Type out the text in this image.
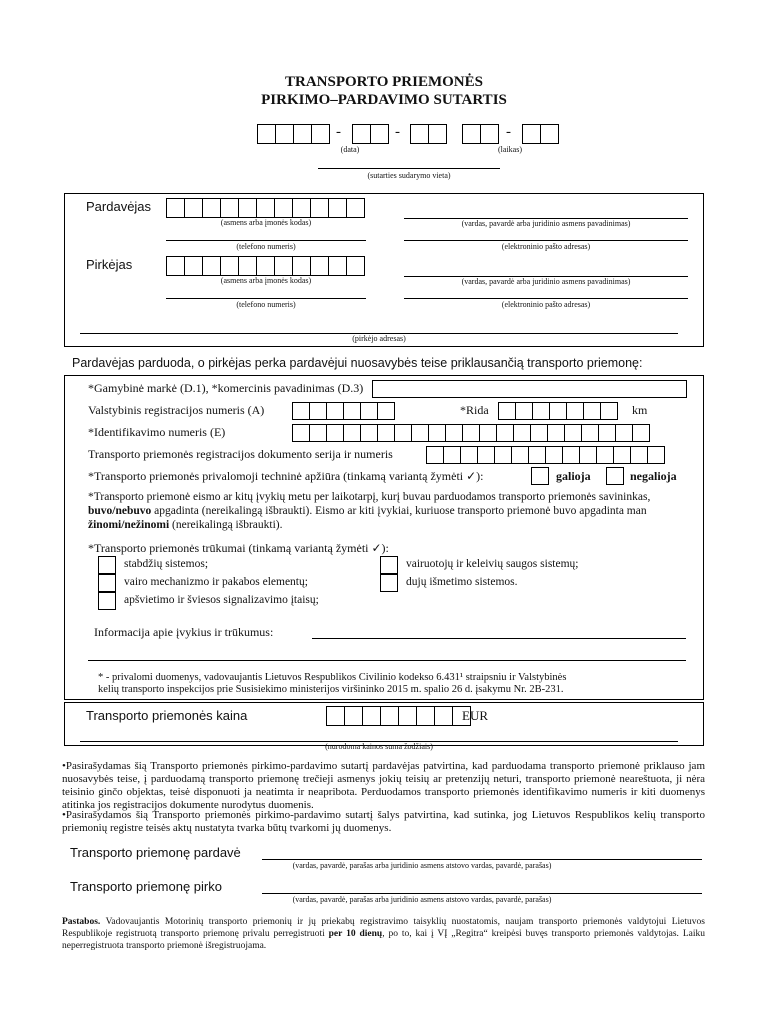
TRANSPORTO PRIEMONĖS
PIRKIMO–PARDAVIMO SUTARTIS
-	-	-
(data)	(laikas)
(sutarties sudarymo vieta)
Pardavėjas
(asmens arba įmonės kodas)	(vardas, pavardė arba juridinio asmens pavadinimas)
(telefono numeris)	(elektroninio pašto adresas)
Pirkėjas
(asmens arba įmonės kodas)	(vardas, pavardė arba juridinio asmens pavadinimas)
(telefono numeris)	(elektroninio pašto adresas)
(pirkėjo adresas)
Pardavėjas parduoda, o pirkėjas perka pardavėjui nuosavybės teise priklausančią transporto priemonę:
*Gamybinė markė (D.1), *komercinis pavadinimas (D.3)
Valstybinis registracijos numeris (A)	*Rida	km
*Identifikavimo numeris (E)
Transporto priemonės registracijos dokumento serija ir numeris
*Transporto priemonės privalomoji techninė apžiūra (tinkamą variantą žymėti ✓):	galioja	negalioja
*Transporto priemonė eismo ar kitų įvykių metu per laikotarpį, kurį buvau parduodamos transporto priemonės savininkas, buvo/nebuvo apgadinta (nereikalingą išbraukti). Eismo ar kiti įvykiai, kuriuose transporto priemonė buvo apgadinta man žinomi/nežinomi (nereikalingą išbraukti).
*Transporto priemonės trūkumai (tinkamą variantą žymėti ✓):
stabdžių sistemos;	vairuotojų ir keleivių saugos sistemų;
vairo mechanizmo ir pakabos elementų;	dujų išmetimo sistemos.
apšvietimo ir šviesos signalizavimo įtaisų;
Informacija apie įvykius ir trūkumus:
* - privalomi duomenys, vadovaujantis Lietuvos Respublikos Civilinio kodekso 6.431¹ straipsniu ir Valstybinės
kelių transporto inspekcijos prie Susisiekimo ministerijos viršininko 2015 m. spalio 26 d. įsakymu Nr. 2B-231.
Transporto priemonės kaina	EUR
(nurodoma kainos suma žodžiais)
•Pasirašydamas šią Transporto priemonės pirkimo-pardavimo sutartį pardavėjas patvirtina, kad parduodama transporto priemonė priklauso jam nuosavybės teise, į parduodamą transporto priemonę trečieji asmenys jokių teisių ar pretenzijų neturi, transporto priemonė neareštuota, ji nėra teisinio ginčo objektas, teisė disponuoti ja neatimta ir neapribota. Perduodamos transporto priemonės identifikavimo numeris ir kiti duomenys atitinka jos registracijos dokumente nurodytus duomenis.
•Pasirašydamos šią Transporto priemonės pirkimo-pardavimo sutartį šalys patvirtina, kad sutinka, jog Lietuvos Respublikos kelių transporto priemonių registre teisės aktų nustatyta tvarka būtų tvarkomi jų duomenys.
Transporto priemonę pardavė
(vardas, pavardė, parašas arba juridinio asmens atstovo vardas, pavardė, parašas)
Transporto priemonę pirko
(vardas, pavardė, parašas arba juridinio asmens atstovo vardas, pavardė, parašas)
Pastabos. Vadovaujantis Motorinių transporto priemonių ir jų priekabų registravimo taisyklių nuostatomis, naujam transporto priemonės valdytojui Lietuvos Respublikoje registruotą transporto priemonę privalu perregistruoti per 10 dienų, po to, kai į VĮ „Regitra“ kreipėsi buvęs transporto priemonės valdytojas. Laiku neperregistruota transporto priemonė išregistruojama.
